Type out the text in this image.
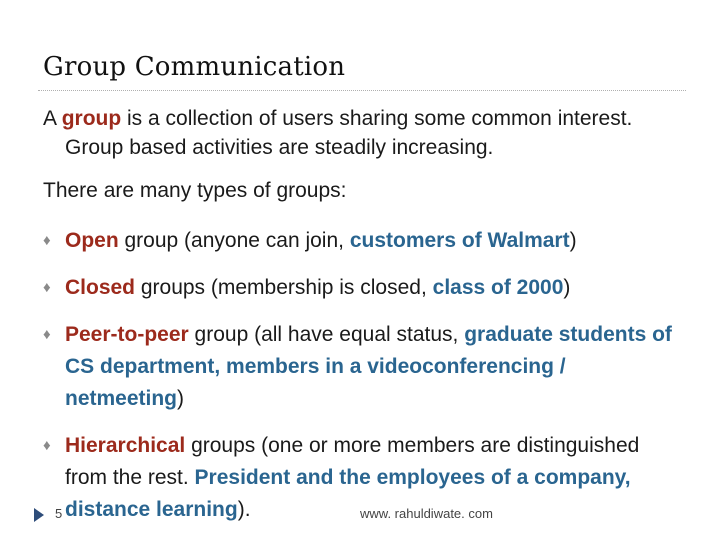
Group Communication

A group is a collection of users sharing some common interest. Group based activities are steadily increasing.

There are many types of groups:

♦ Open group (anyone can join, customers of Walmart)
♦ Closed groups (membership is closed, class of 2000)
♦ Peer-to-peer group (all have equal status, graduate students of CS department, members in a videoconferencing / netmeeting)
♦ Hierarchical groups (one or more members are distinguished from the rest. President and the employees of a company, distance learning).
5	www. rahuldiwate. com
